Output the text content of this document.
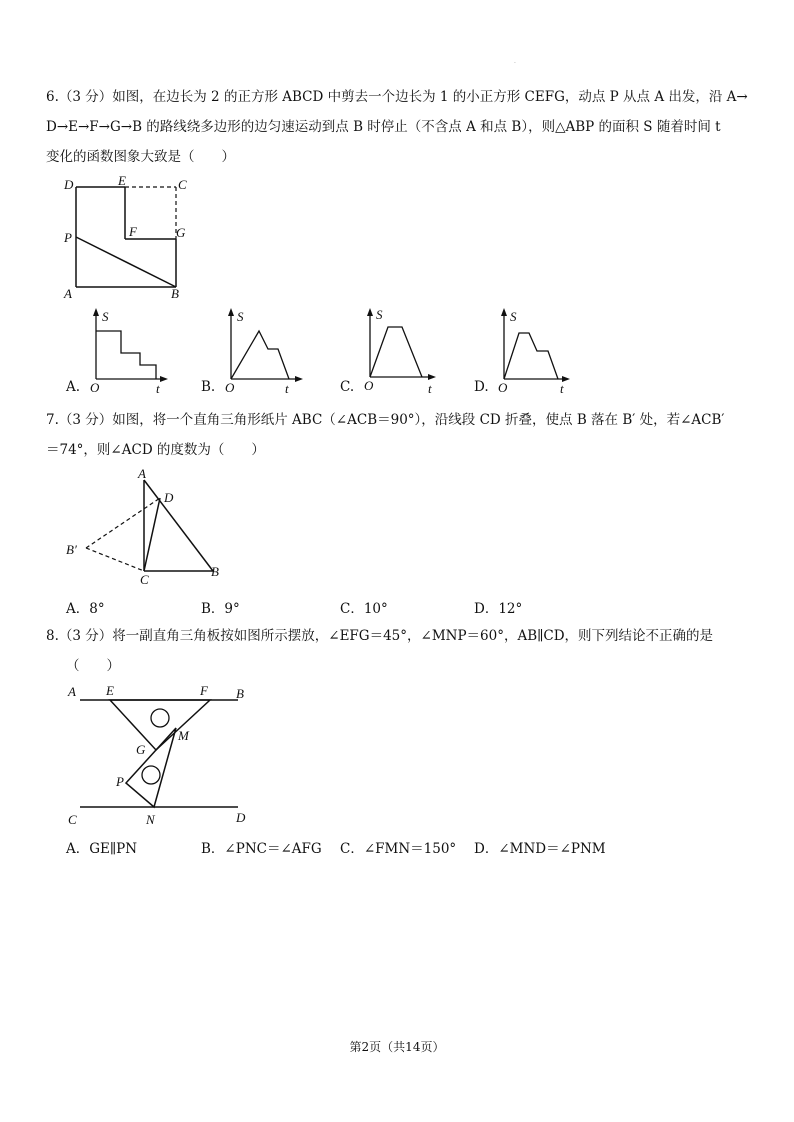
·
6.（3 分）如图，在边长为 2 的正方形 ABCD 中剪去一个边长为 1 的小正方形 CEFG，动点 P 从点 A 出发，沿 A→
D→E→F→G→B 的路线绕多边形的边匀速运动到点 B 时停止（不含点 A 和点 B），则△ABP 的面积 S 随着时间 t
变化的函数图象大致是（　　）
D	E	C
F	G
P
A	B
A.
S
O	t	B.
S
O	t	C.
S
O	t	D.
S
O	t
7.（3 分）如图，将一个直角三角形纸片 ABC（∠ACB＝90°），沿线段 CD 折叠，使点 B 落在 B′ 处，若∠ACB′
＝74°，则∠ACD 的度数为（　　）
A
D
B′
C
B
A．8°	B．9°	C．10°	D．12°
8.（3 分）将一副直角三角板按如图所示摆放，∠EFG＝45°，∠MNP＝60°，AB∥CD，则下列结论不正确的是
（　　）
A E	F B
G
M
P
C	N	D
A．GE∥PN	B．∠PNC＝∠AFG C．∠FMN＝150° D．∠MND＝∠PNM
第2页（共14页）
